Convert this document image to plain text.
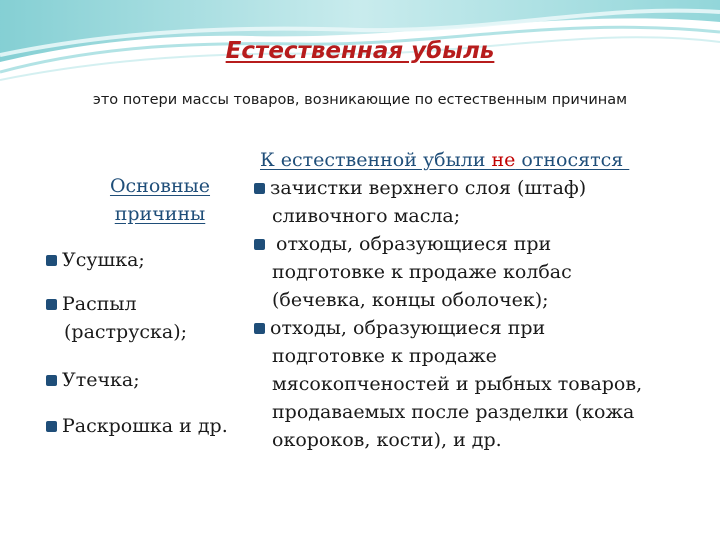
Естественная убыль
это потери массы товаров, возникающие по естественным причинам
Основные
причины
Усушка;
Распыл
(раструска);
Утечка;
Раскрошка и др.
К естественной убыли не относятся
зачистки верхнего слоя (штаф)
сливочного масла;
отходы, образующиеся при
подготовке к продаже колбас
(бечевка, концы оболочек);
отходы, образующиеся при
подготовке к продаже
мясокопченостей и рыбных товаров,
продаваемых после разделки (кожа
окороков, кости), и др.
